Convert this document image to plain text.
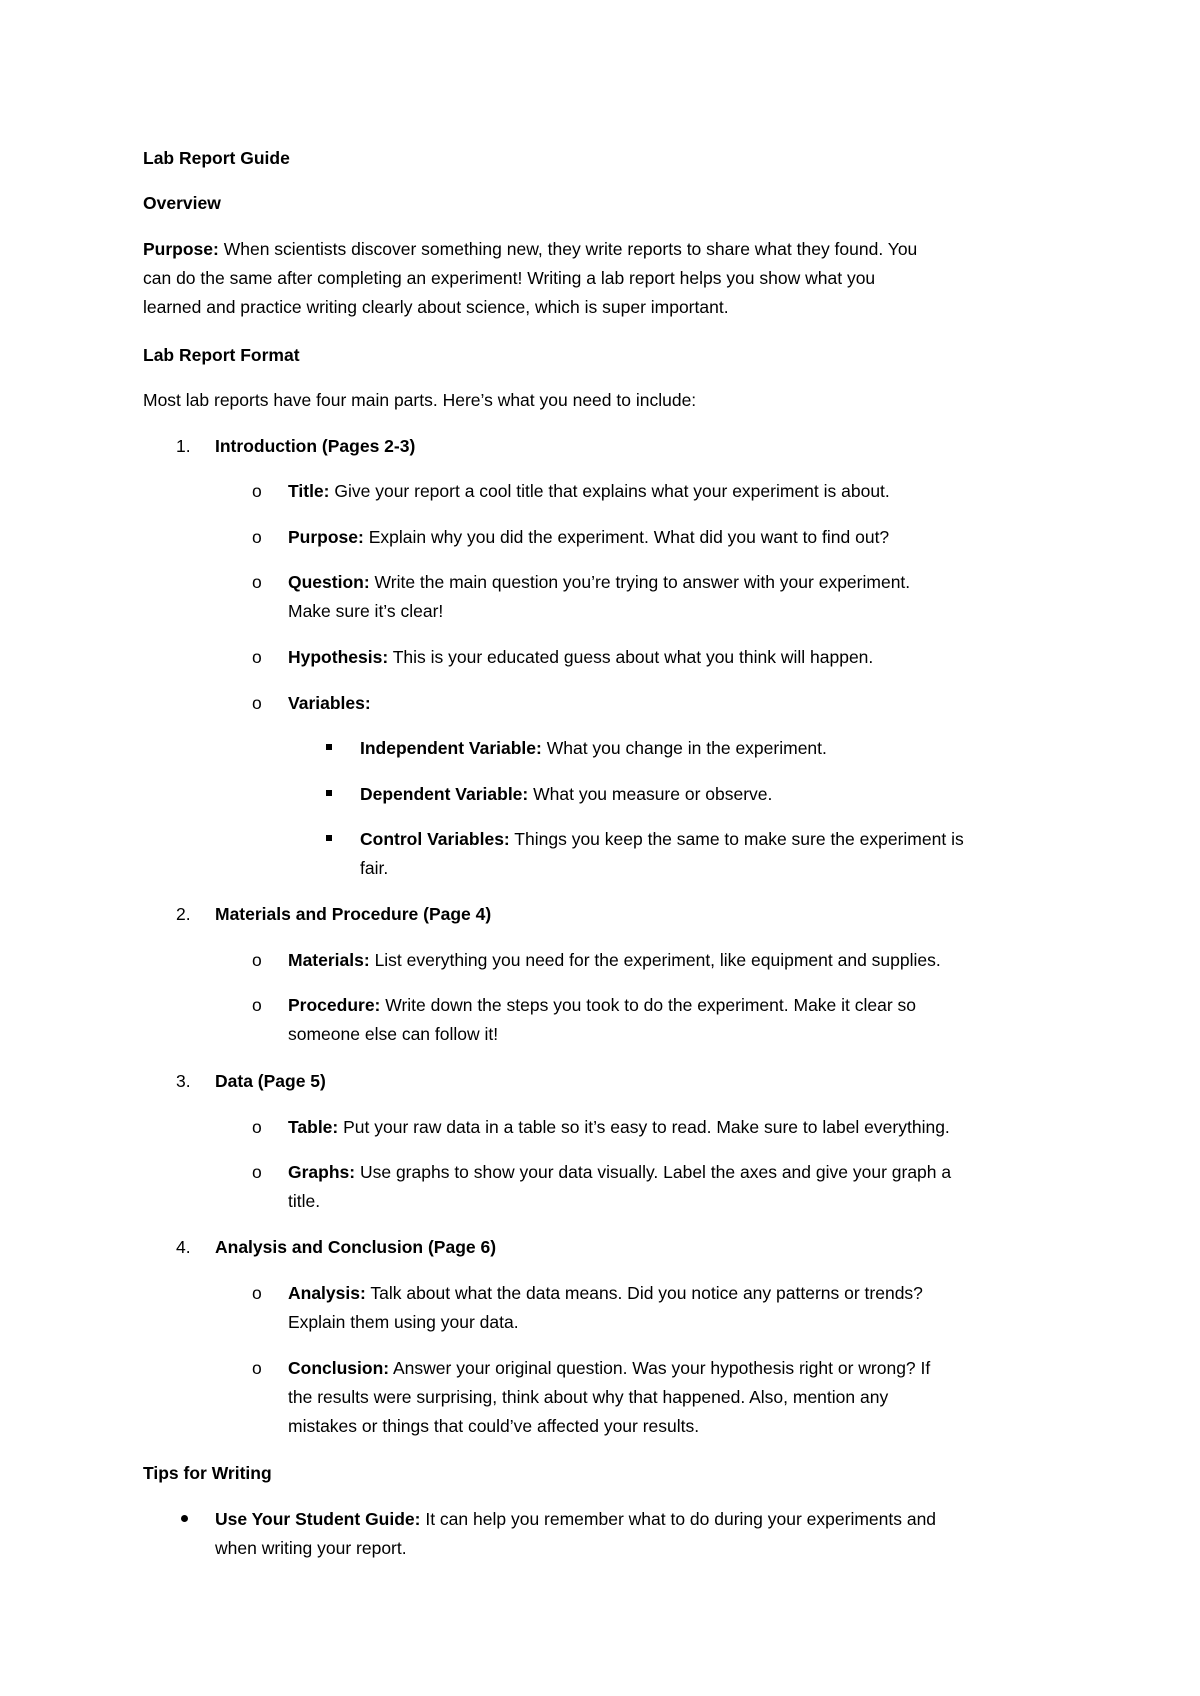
Lab Report Guide
Overview
Purpose: When scientists discover something new, they write reports to share what they found. You
can do the same after completing an experiment! Writing a lab report helps you show what you
learned and practice writing clearly about science, which is super important.
Lab Report Format
Most lab reports have four main parts. Here’s what you need to include:
1. Introduction (Pages 2-3)
o Title: Give your report a cool title that explains what your experiment is about.
o Purpose: Explain why you did the experiment. What did you want to find out?
o Question: Write the main question you’re trying to answer with your experiment.
Make sure it’s clear!
o Hypothesis: This is your educated guess about what you think will happen.
o Variables:
Independent Variable: What you change in the experiment.
Dependent Variable: What you measure or observe.
Control Variables: Things you keep the same to make sure the experiment is
fair.
2. Materials and Procedure (Page 4)
o Materials: List everything you need for the experiment, like equipment and supplies.
o Procedure: Write down the steps you took to do the experiment. Make it clear so
someone else can follow it!
3. Data (Page 5)
o Table: Put your raw data in a table so it’s easy to read. Make sure to label everything.
o Graphs: Use graphs to show your data visually. Label the axes and give your graph a
title.
4. Analysis and Conclusion (Page 6)
o Analysis: Talk about what the data means. Did you notice any patterns or trends?
Explain them using your data.
o Conclusion: Answer your original question. Was your hypothesis right or wrong? If
the results were surprising, think about why that happened. Also, mention any
mistakes or things that could’ve affected your results.
Tips for Writing
Use Your Student Guide: It can help you remember what to do during your experiments and
when writing your report.
